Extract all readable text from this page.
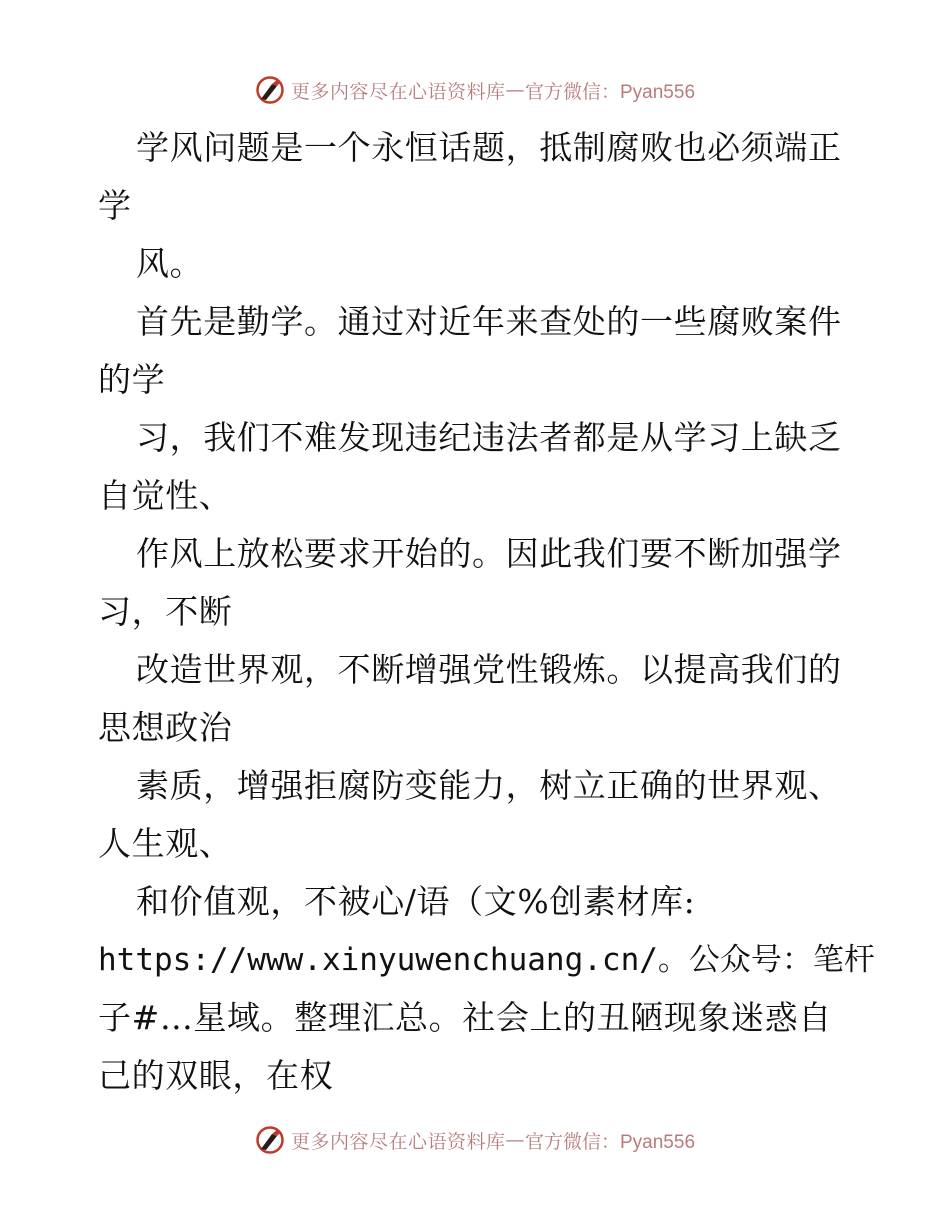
更多内容尽在心语资料库 — 官方微信：Pyan556
学风问题是一个永恒话题，抵制腐败也必须端正
学
风。
首先是勤学。通过对近年来查处的一些腐败案件
的学
习，我们不难发现违纪违法者都是从学习上缺乏
自觉性、
作风上放松要求开始的。因此我们要不断加强学
习，不断
改造世界观，不断增强党性锻炼。以提高我们的
思想政治
素质，增强拒腐防变能力，树立正确的世界观、
人生观、
和价值观，不被心/语（文%创素材库:
https://www.xinyuwenchuang.cn/。公众号：笔杆
子#…星域。整理汇总。社会上的丑陋现象迷惑自
己的双眼，在权
更多内容尽在心语资料库 — 官方微信：Pyan556
